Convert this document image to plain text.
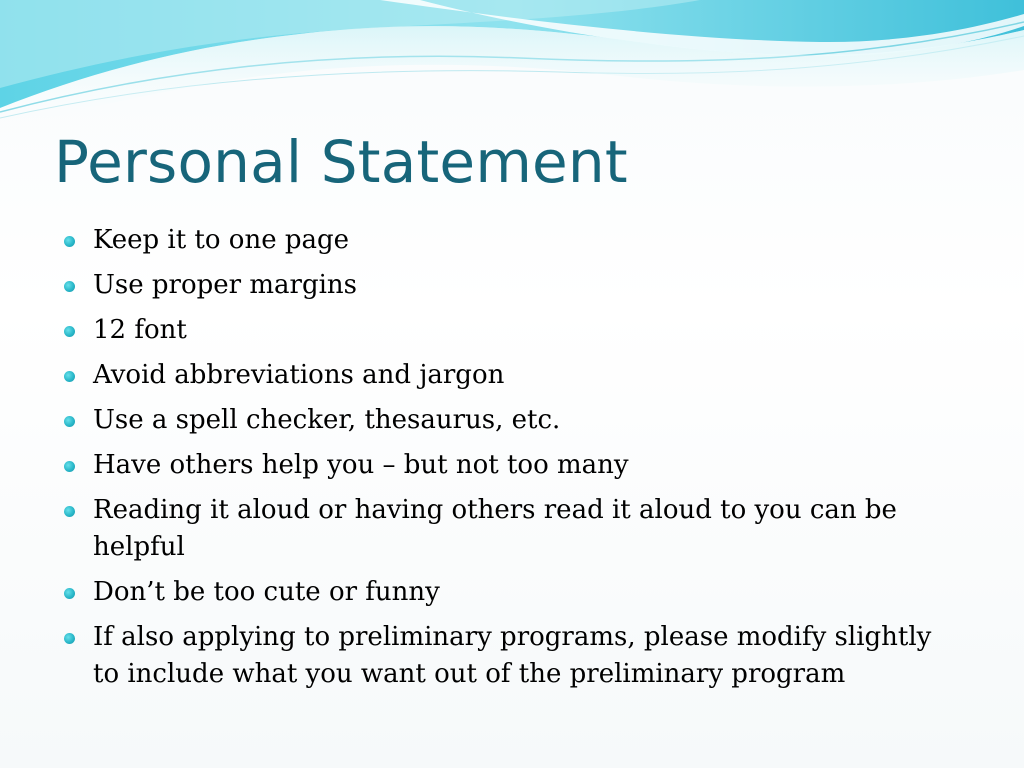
Personal Statement
Keep it to one page
Use proper margins
12 font
Avoid abbreviations and jargon
Use a spell checker, thesaurus, etc.
Have others help you – but not too many
Reading it aloud or having others read it aloud to you can be helpful
Don’t be too cute or funny
If also applying to preliminary programs, please modify slightly to include what you want out of the preliminary program
